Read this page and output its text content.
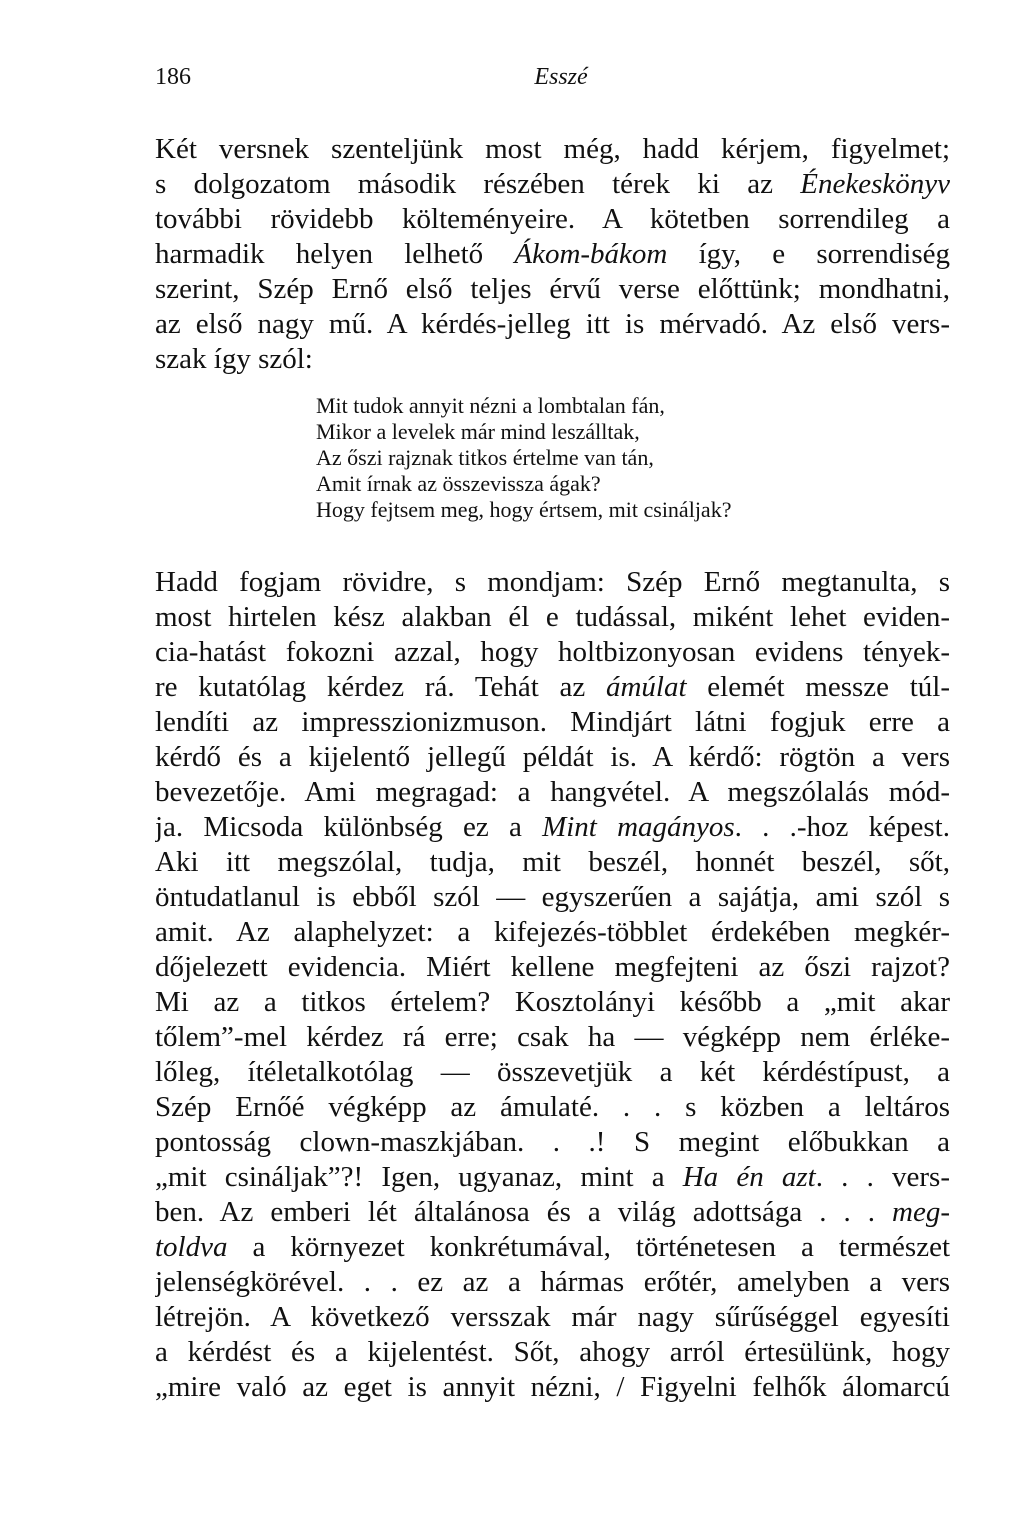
186	Esszé
Két versnek szenteljünk most még, hadd kérjem, figyelmet;
s dolgozatom második részében térek ki az Énekeskönyv
további rövidebb költeményeire. A kötetben sorrendileg a
harmadik helyen lelhető Ákom-bákom így, e sorrendiség
szerint, Szép Ernő első teljes érvű verse előttünk; mondhatni,
az első nagy mű. A kérdés-jelleg itt is mérvadó. Az első vers-
szak így szól:
Mit tudok annyit nézni a lombtalan fán,
Mikor a levelek már mind leszálltak,
Az őszi rajznak titkos értelme van tán,
Amit írnak az összevissza ágak?
Hogy fejtsem meg, hogy értsem, mit csináljak?
Hadd fogjam rövidre, s mondjam: Szép Ernő megtanulta, s
most hirtelen kész alakban él e tudással, miként lehet eviden-
cia-hatást fokozni azzal, hogy holtbizonyosan evidens tények-
re kutatólag kérdez rá. Tehát az ámúlat elemét messze túl-
lendíti az impresszionizmuson. Mindjárt látni fogjuk erre a
kérdő és a kijelentő jellegű példát is. A kérdő: rögtön a vers
bevezetője. Ami megragad: a hangvétel. A megszólalás mód-
ja. Micsoda különbség ez a Mint magányos. . .-hoz képest.
Aki itt megszólal, tudja, mit beszél, honnét beszél, sőt,
öntudatlanul is ebből szól — egyszerűen a sajátja, ami szól s
amit. Az alaphelyzet: a kifejezés-többlet érdekében megkér-
dőjelezett evidencia. Miért kellene megfejteni az őszi rajzot?
Mi az a titkos értelem? Kosztolányi később a „mit akar
tőlem”-mel kérdez rá erre; csak ha — végképp nem érléke-
lőleg, ítéletalkotólag — összevetjük a két kérdéstípust, a
Szép Ernőé végképp az ámulaté. . . s közben a leltáros
pontosság clown-maszkjában. . .! S megint előbukkan a
„mit csináljak”?! Igen, ugyanaz, mint a Ha én azt. . . vers-
ben. Az emberi lét általánosa és a világ adottsága . . . meg-
toldva a környezet konkrétumával, történetesen a természet
jelenségkörével. . . ez az a hármas erőtér, amelyben a vers
létrejön. A következő versszak már nagy sűrűséggel egyesíti
a kérdést és a kijelentést. Sőt, ahogy arról értesülünk, hogy
„mire való az eget is annyit nézni, / Figyelni felhők álomarcú
